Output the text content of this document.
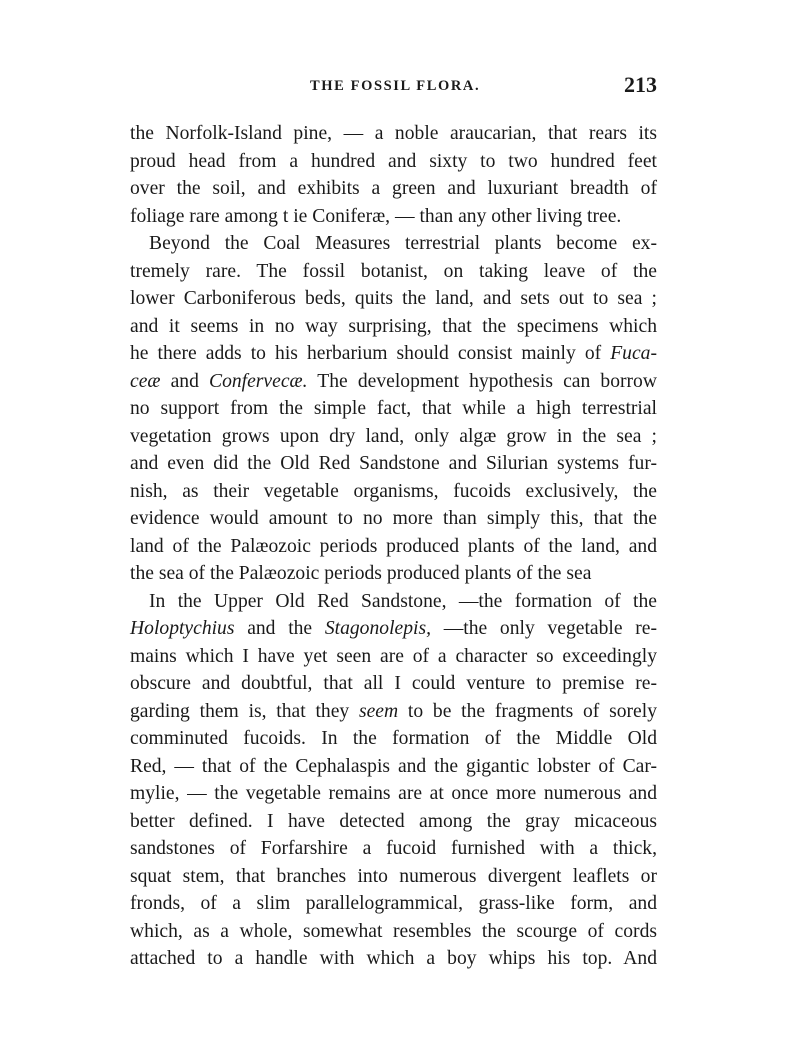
THE FOSSIL FLORA.	213
the Norfolk-Island pine, — a noble araucarian, that rears its
proud head from a hundred and sixty to two hundred feet
over the soil, and exhibits a green and luxuriant breadth of
foliage rare among t ie Coniferæ, — than any other living tree.
Beyond the Coal Measures terrestrial plants become ex-
tremely rare. The fossil botanist, on taking leave of the
lower Carboniferous beds, quits the land, and sets out to sea ;
and it seems in no way surprising, that the specimens which
he there adds to his herbarium should consist mainly of Fuca-
ceæ and Confervecæ. The development hypothesis can borrow
no support from the simple fact, that while a high terrestrial
vegetation grows upon dry land, only algæ grow in the sea ;
and even did the Old Red Sandstone and Silurian systems fur-
nish, as their vegetable organisms, fucoids exclusively, the
evidence would amount to no more than simply this, that the
land of the Palæozoic periods produced plants of the land, and
the sea of the Palæozoic periods produced plants of the sea
In the Upper Old Red Sandstone, —the formation of the
Holoptychius and the Stagonolepis, —the only vegetable re-
mains which I have yet seen are of a character so exceedingly
obscure and doubtful, that all I could venture to premise re-
garding them is, that they seem to be the fragments of sorely
comminuted fucoids. In the formation of the Middle Old
Red, — that of the Cephalaspis and the gigantic lobster of Car-
mylie, — the vegetable remains are at once more numerous and
better defined. I have detected among the gray micaceous
sandstones of Forfarshire a fucoid furnished with a thick,
squat stem, that branches into numerous divergent leaflets or
fronds, of a slim parallelogrammical, grass-like form, and
which, as a whole, somewhat resembles the scourge of cords
attached to a handle with which a boy whips his top. And
